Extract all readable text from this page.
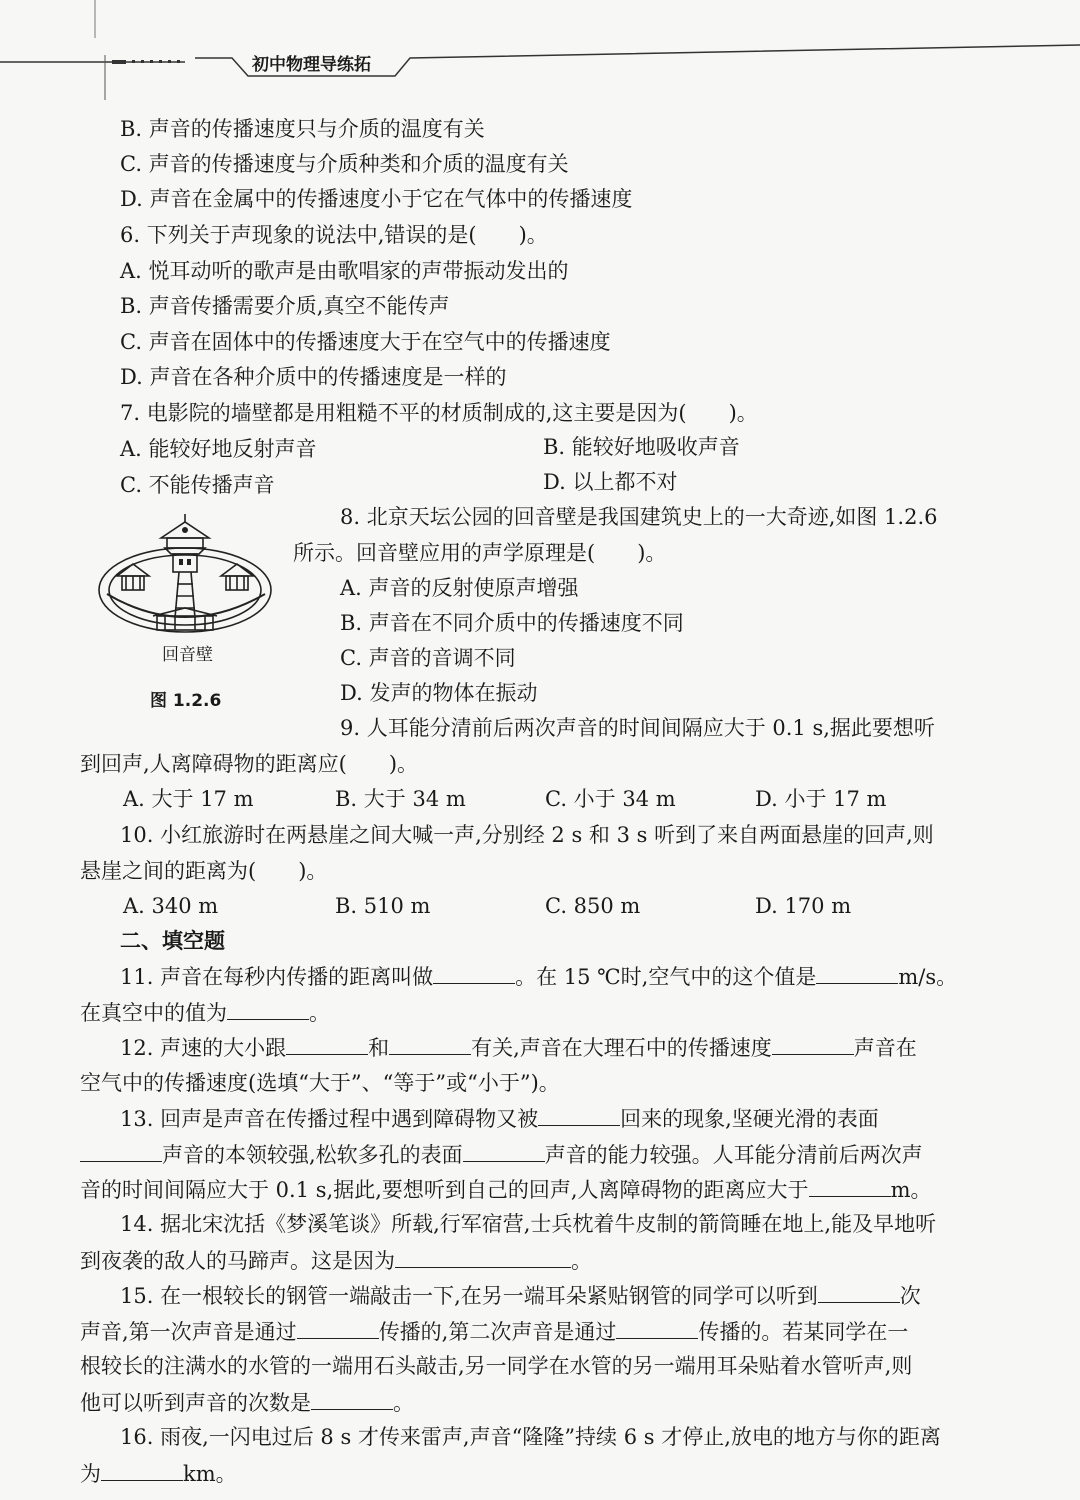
初中物理导练拓
B. 声音的传播速度只与介质的温度有关
C. 声音的传播速度与介质种类和介质的温度有关
D. 声音在金属中的传播速度小于它在气体中的传播速度
6. 下列关于声现象的说法中,错误的是(　　)。
A. 悦耳动听的歌声是由歌唱家的声带振动发出的
B. 声音传播需要介质,真空不能传声
C. 声音在固体中的传播速度大于在空气中的传播速度
D. 声音在各种介质中的传播速度是一样的
7. 电影院的墙壁都是用粗糙不平的材质制成的,这主要是因为(　　)。
A. 能较好地反射声音	B. 能较好地吸收声音
C. 不能传播声音	D. 以上都不对
回音壁
图 1.2.6
8. 北京天坛公园的回音壁是我国建筑史上的一大奇迹,如图 1.2.6
所示。回音壁应用的声学原理是(　　)。
A. 声音的反射使原声增强
B. 声音在不同介质中的传播速度不同
C. 声音的音调不同
D. 发声的物体在振动
9. 人耳能分清前后两次声音的时间间隔应大于 0.1 s,据此要想听
到回声,人离障碍物的距离应(　　)。
A. 大于 17 m	B. 大于 34 m	C. 小于 34 m	D. 小于 17 m
10. 小红旅游时在两悬崖之间大喊一声,分别经 2 s 和 3 s 听到了来自两面悬崖的回声,则
悬崖之间的距离为(　　)。
A. 340 m	B. 510 m	C. 850 m	D. 170 m
二、填空题
11. 声音在每秒内传播的距离叫做	。在 15 ℃时,空气中的这个值是	m/s。
在真空中的值为	。
12. 声速的大小跟	和	有关,声音在大理石中的传播速度	声音在
空气中的传播速度(选填“大于”、“等于”或“小于”)。
13. 回声是声音在传播过程中遇到障碍物又被	回来的现象,坚硬光滑的表面
声音的本领较强,松软多孔的表面	声音的能力较强。人耳能分清前后两次声
音的时间间隔应大于 0.1 s,据此,要想听到自己的回声,人离障碍物的距离应大于	m。
14. 据北宋沈括《梦溪笔谈》所载,行军宿营,士兵枕着牛皮制的箭筒睡在地上,能及早地听
到夜袭的敌人的马蹄声。这是因为	。
15. 在一根较长的钢管一端敲击一下,在另一端耳朵紧贴钢管的同学可以听到	次
声音,第一次声音是通过	传播的,第二次声音是通过	传播的。若某同学在一
根较长的注满水的水管的一端用石头敲击,另一同学在水管的另一端用耳朵贴着水管听声,则
他可以听到声音的次数是	。
16. 雨夜,一闪电过后 8 s 才传来雷声,声音“隆隆”持续 6 s 才停止,放电的地方与你的距离
为	km。
